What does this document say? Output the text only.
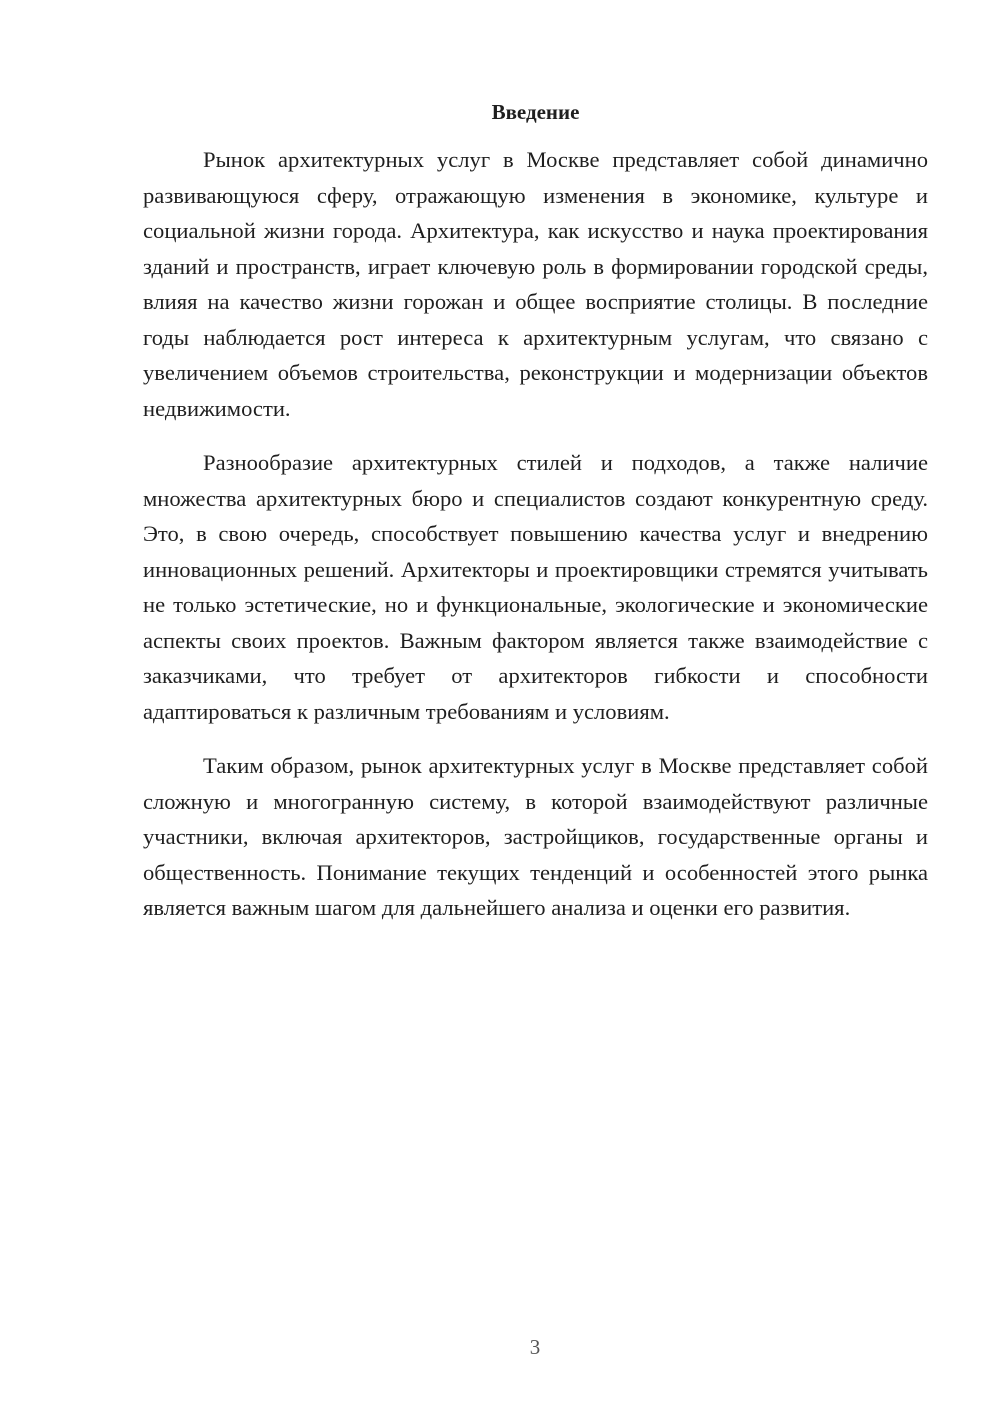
Введение

Рынок архитектурных услуг в Москве представляет собой динамично развивающуюся сферу, отражающую изменения в экономике, культуре и социальной жизни города. Архитектура, как искусство и наука проектирования зданий и пространств, играет ключевую роль в формировании городской среды, влияя на качество жизни горожан и общее восприятие столицы. В последние годы наблюдается рост интереса к архитектурным услугам, что связано с увеличением объемов строительства, реконструкции и модернизации объектов недвижимости.

Разнообразие архитектурных стилей и подходов, а также наличие множества архитектурных бюро и специалистов создают конкурентную среду. Это, в свою очередь, способствует повышению качества услуг и внедрению инновационных решений. Архитекторы и проектировщики стремятся учитывать не только эстетические, но и функциональные, экологические и экономические аспекты своих проектов. Важным фактором является также взаимодействие с заказчиками, что требует от архитекторов гибкости и способности адаптироваться к различным требованиям и условиям.

Таким образом, рынок архитектурных услуг в Москве представляет собой сложную и многогранную систему, в которой взаимодействуют различные участники, включая архитекторов, застройщиков, государственные органы и общественность. Понимание текущих тенденций и особенностей этого рынка является важным шагом для дальнейшего анализа и оценки его развития.

3
